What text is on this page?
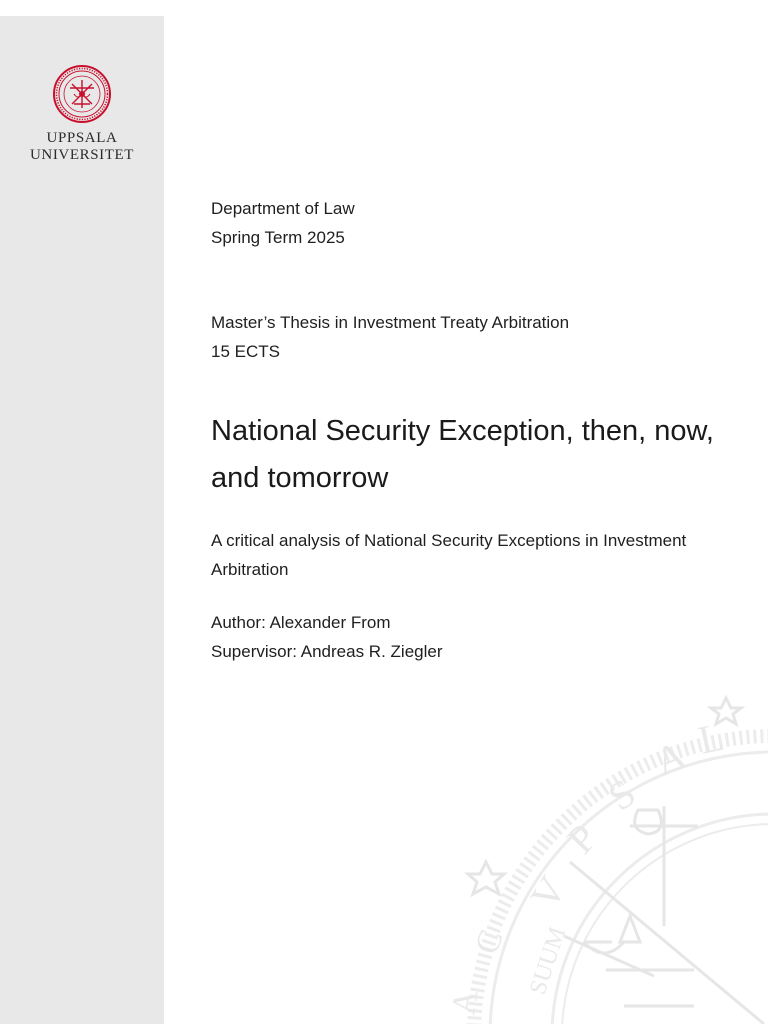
UPPSALA
UNIVERSITET
Department of Law
Spring Term 2025
Master’s Thesis in Investment Treaty Arbitration
15 ECTS
National Security Exception, then, now,
and tomorrow
A critical analysis of National Security Exceptions in Investment
Arbitration
Author: Alexander From
Supervisor: Andreas R. Ziegler
V
P
S
A L
A
C SUUM
